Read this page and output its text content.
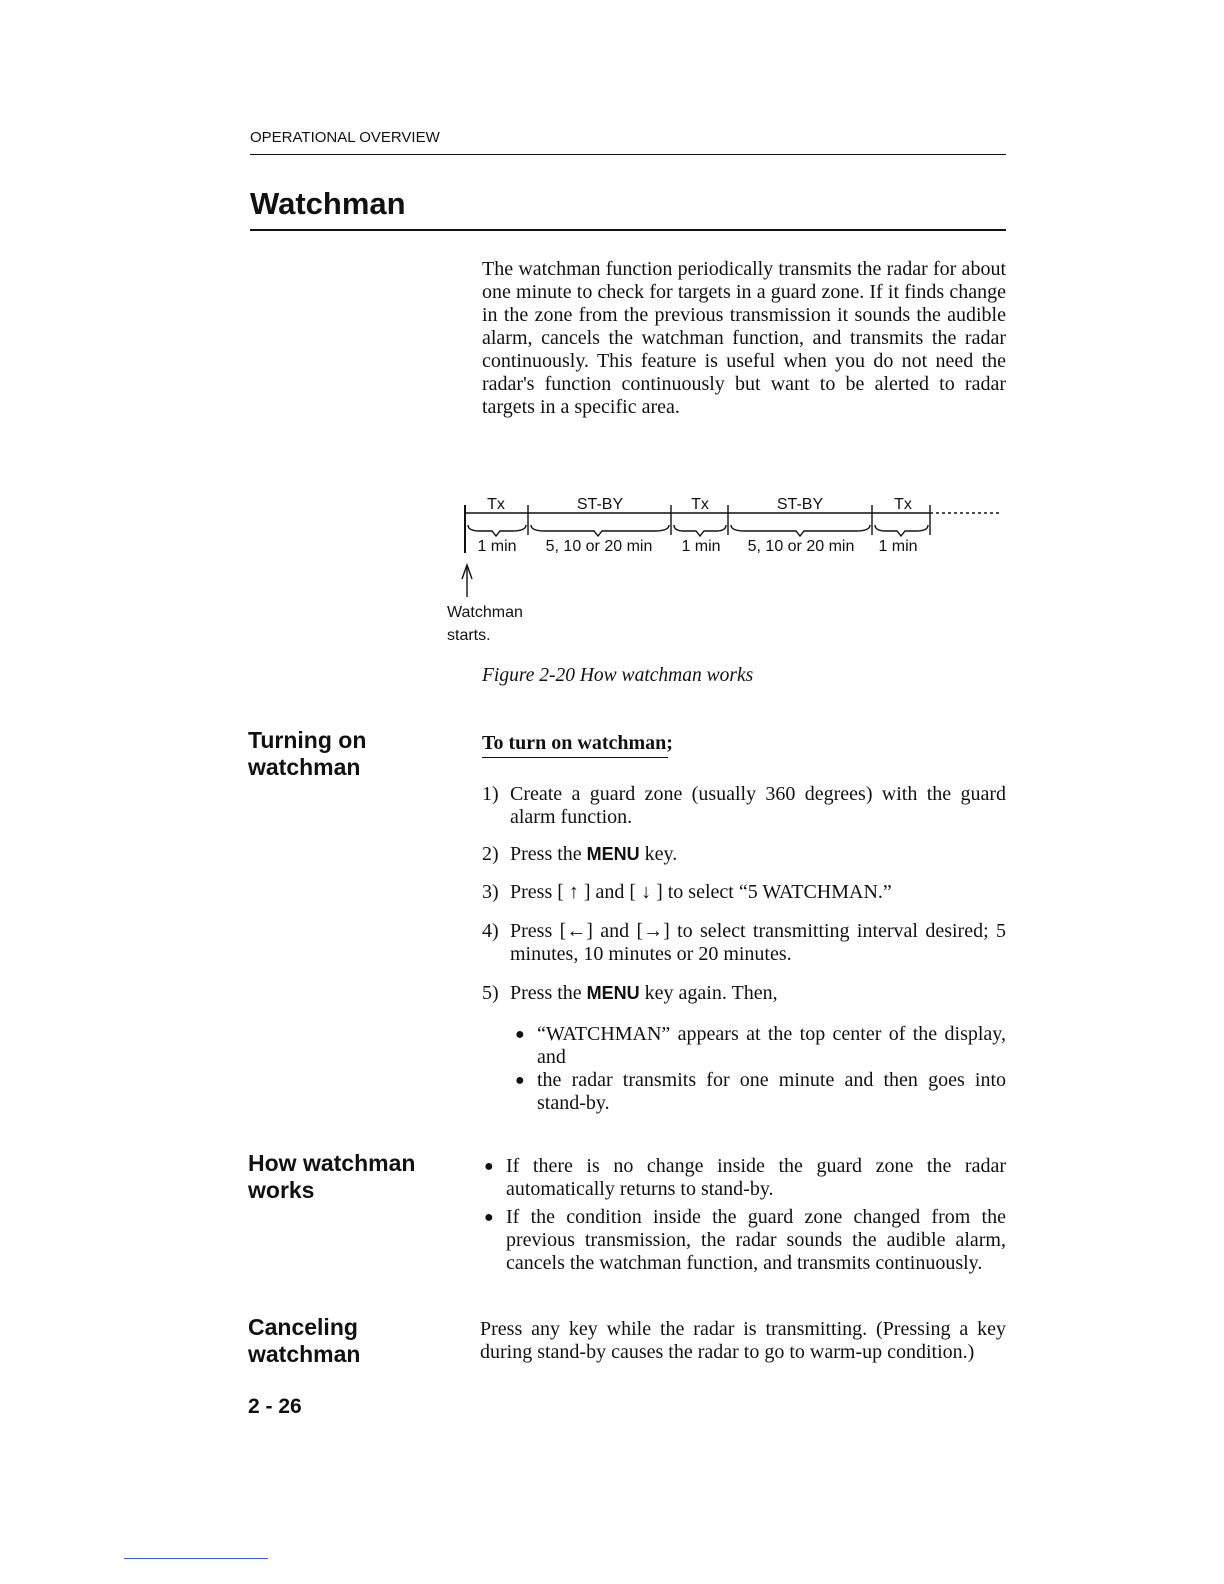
OPERATIONAL OVERVIEW
Watchman

The watchman function periodically transmits the radar for about one minute to check for targets in a guard zone. If it finds change in the zone from the previous transmission it sounds the audible alarm, cancels the watchman function, and transmits the radar continuously. This feature is useful when you do not need the radar's function continuously but want to be alerted to radar targets in a specific area.

Tx	ST-BY	Tx	ST-BY	Tx
1 min 5, 10 or 20 min 1 min 5, 10 or 20 min 1 min
Watchman
starts.
Figure 2-20 How watchman works
Turning on
watchman
To turn on watchman;
1) Create a guard zone (usually 360 degrees) with the guard alarm function.
2) Press the MENU key.
3) Press [ ↑ ] and [ ↓ ] to select “5 WATCHMAN.”
4) Press [←] and [→] to select transmitting interval desired; 5 minutes, 10 minutes or 20 minutes.
5) Press the MENU key again. Then,
● “WATCHMAN” appears at the top center of the display, and
● the radar transmits for one minute and then goes into stand-by.
How watchman
works
● If there is no change inside the guard zone the radar automatically returns to stand-by.
● If the condition inside the guard zone changed from the previous transmission, the radar sounds the audible alarm, cancels the watchman function, and transmits continuously.
Canceling
watchman

Press any key while the radar is transmitting. (Pressing a key during stand-by causes the radar to go to warm-up condition.)

2 - 26
